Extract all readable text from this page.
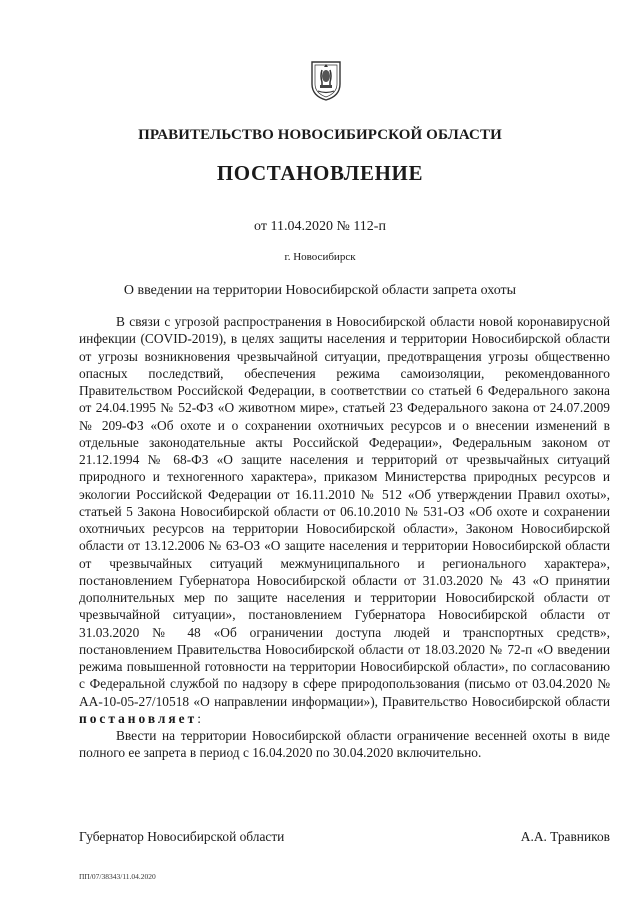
ПРАВИТЕЛЬСТВО НОВОСИБИРСКОЙ ОБЛАСТИ
ПОСТАНОВЛЕНИЕ
от 11.04.2020 № 112-п
г. Новосибирск
О введении на территории Новосибирской области запрета охоты

В связи с угрозой распространения в Новосибирской области новой коронавирусной инфекции (COVID-2019), в целях защиты населения и территории Новосибирской области от угрозы возникновения чрезвычайной ситуации, предотвращения угрозы общественно опасных последствий, обеспечения режима самоизоляции, рекомендованного Правительством Российской Федерации, в соответствии со статьей 6 Федерального закона от 24.04.1995 № 52-ФЗ «О животном мире», статьей 23 Федерального закона от 24.07.2009 № 209-ФЗ «Об охоте и о сохранении охотничьих ресурсов и о внесении изменений в отдельные законодательные акты Российской Федерации», Федеральным законом от 21.12.1994 № 68-ФЗ «О защите населения и территорий от чрезвычайных ситуаций природного и техногенного характера», приказом Министерства природных ресурсов и экологии Российской Федерации от 16.11.2010 № 512 «Об утверждении Правил охоты», статьей 5 Закона Новосибирской области от 06.10.2010 № 531-ОЗ «Об охоте и сохранении охотничьих ресурсов на территории Новосибирской области», Законом Новосибирской области от 13.12.2006 № 63-ОЗ «О защите населения и территории Новосибирской области от чрезвычайных ситуаций межмуниципального и регионального характера», постановлением Губернатора Новосибирской области от 31.03.2020 № 43 «О принятии дополнительных мер по защите населения и территории Новосибирской области от чрезвычайной ситуации», постановлением Губернатора Новосибирской области от 31.03.2020 № 48 «Об ограничении доступа людей и транспортных средств», постановлением Правительства Новосибирской области от 18.03.2020 № 72-п «О введении режима повышенной готовности на территории Новосибирской области», по согласованию с Федеральной службой по надзору в сфере природопользования (письмо от 03.04.2020 № АА-10-05-27/10518 «О направлении информации»), Правительство Новосибирской области постановляет:

Ввести на территории Новосибирской области ограничение весенней охоты в виде полного ее запрета в период с 16.04.2020 по 30.04.2020 включительно.

Губернатор Новосибирской области	А.А. Травников
ПП/07/38343/11.04.2020
